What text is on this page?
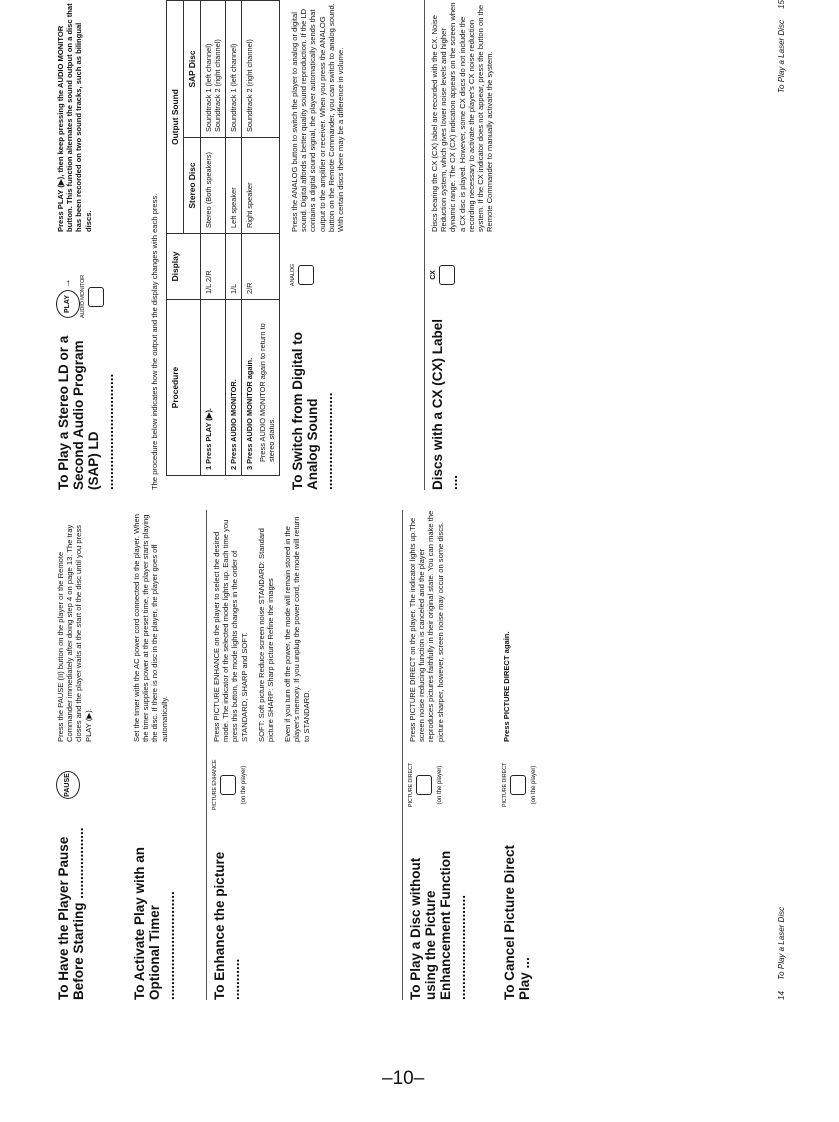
To Have the Player Pause Before Starting ...................
PAUSE
Press the PAUSE (II) button on the player or the Remote Commander immediately after doing step 4 on page 13. The tray closes and the player waits at the start of the disc until you press PLAY (▶).
To Activate Play with an Optional Timer .............................
Set the timer with the AC power cord connected to the player. When the timer supplies power at the preset time, the player starts playing the disc. If there is no disc in the player, the player goes off automatically.
To Enhance the picture ...........
PICTURE ENHANCE	(on the player)
Press PICTURE ENHANCE on the player to select the desired mode. The indicator of the selected mode lights up. Each time you press this button, the mode lights changes in the order of STANDARD, SHARP and SOFT. SOFT: Soft picture Reduce screen noise STANDARD: Standard picture SHARP: Sharp picture Refine the images Even if you turn off the power, the mode will remain stored in the player's memory. If you unplug the power cord, the mode will return to STANDARD.
To Play a Disc without using the Picture Enhancement Function ............................
PICTURE DIRECT	(on the player)
Press PICTURE DIRECT on the player. The indicator lights up.The screen noise reducing function is canceled and the player reproduces pictures faithfully in their original state. You can make the picture sharper, however, screen noise may occur on some discs.
To Cancel Picture Direct Play ...
PICTURE DIRECT	(on the player)
Press PICTURE DIRECT again.
14     To Play a Laser Disc
To Play a Stereo LD or a Second Audio Program (SAP) LD ...............................
PLAY → AUDIO MONITOR
Press PLAY (▶), then keep pressing the AUDIO MONITOR button. This function alternates the sound output on a disc that has been recorded on two sound tracks, such as bilingual discs.	The procedure below indicates how the output and the display changes with each press. Procedure	Display	Output Sound	
		Stereo Disc	SAP Disc
1 Press PLAY (▶).	1/L 2/R	Stereo (Both speakers)	Soundtrack 1 (left channel) Soundtrack 2 (right channel)
2 Press AUDIO MONITOR.	1/L	Left speaker	Soundtrack 1 (left channel)
3 Press AUDIO MONITOR again. Press AUDIO MONITOR again to return to stereo status.	2/R	Right speaker	Soundtrack 2 (right channel)
To Switch from Digital to Analog Sound ..........................
ANALOG
Press the ANALOG button to switch the player to analog or digital sound. Digital affords a better quality sound reproduction. If the LD contains a digital sound signal, the player automatically sends that output to the amplifier or receiver. When you press the ANALOG button on the Remote Commander, you can switch to analog sound. With certain discs there may be a difference in volume.
Discs with a CX (CX) Label ....
CX
Discs bearing the CX (CX) label are recorded with the CX. Noise Reduction system, which gives lower noise levels and higher dynamic range. The CX (CX) indication appears on the screen when a CX disc is played. However, some CX discs do not include the recording necessary to activate the player's CX noise reduction system. If the CX indicator does not appear, press the button on the Remote Commander to manually activate the system.	To Play a Laser Disc     15
–10–
